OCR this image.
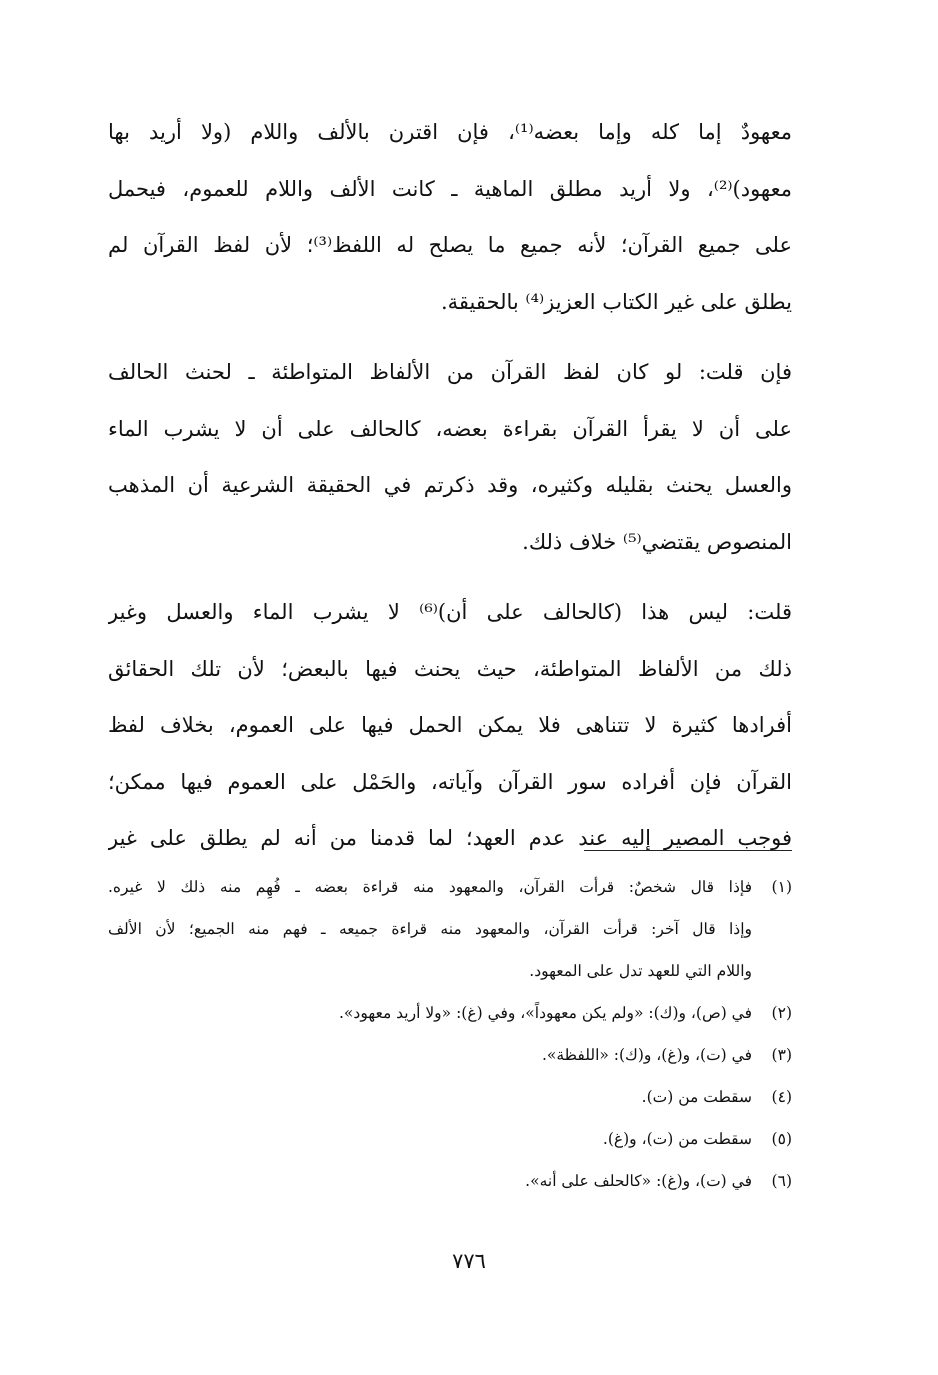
معهودٌ إما كله وإما بعضه⁽¹⁾، فإن اقترن بالألف واللام (ولا أريد بها
معهود)⁽²⁾، ولا أريد مطلق الماهية ـ كانت الألف واللام للعموم، فيحمل
على جميع القرآن؛ لأنه جميع ما يصلح له اللفظ⁽³⁾؛ لأن لفظ القرآن لم
يطلق على غير الكتاب العزيز⁽⁴⁾ بالحقيقة.

فإن قلت: لو كان لفظ القرآن من الألفاظ المتواطئة ـ لحنث الحالف
على أن لا يقرأ القرآن بقراءة بعضه، كالحالف على أن لا يشرب الماء
والعسل يحنث بقليله وكثيره، وقد ذكرتم في الحقيقة الشرعية أن المذهب
المنصوص يقتضي⁽⁵⁾ خلاف ذلك.

قلت: ليس هذا (كالحالف على أن)⁽⁶⁾ لا يشرب الماء والعسل وغير
ذلك من الألفاظ المتواطئة، حيث يحنث فيها بالبعض؛ لأن تلك الحقائق
أفرادها كثيرة لا تتناهى فلا يمكن الحمل فيها على العموم، بخلاف لفظ
القرآن فإن أفراده سور القرآن وآياته، والحَمْل على العموم فيها ممكن؛
فوجب المصير إليه عند عدم العهد؛ لما قدمنا من أنه لم يطلق على غير

(١)
فإذا قال شخصٌ: قرأت القرآن، والمعهود منه قراءة بعضه ـ فُهِم منه ذلك لا غيره.
وإذا قال آخر: قرأت القرآن، والمعهود منه قراءة جميعه ـ فهم منه الجميع؛ لأن الألف
واللام التي للعهد تدل على المعهود.
(٢)
في (ص)، و(ك): «ولم يكن معهوداً»، وفي (غ): «ولا أريد معهود».
(٣)
في (ت)، و(غ)، و(ك): «اللفظة».
(٤)
سقطت من (ت).
(٥)
سقطت من (ت)، و(غ).
(٦)
في (ت)، و(غ): «كالحلف على أنه».
٧٧٦
